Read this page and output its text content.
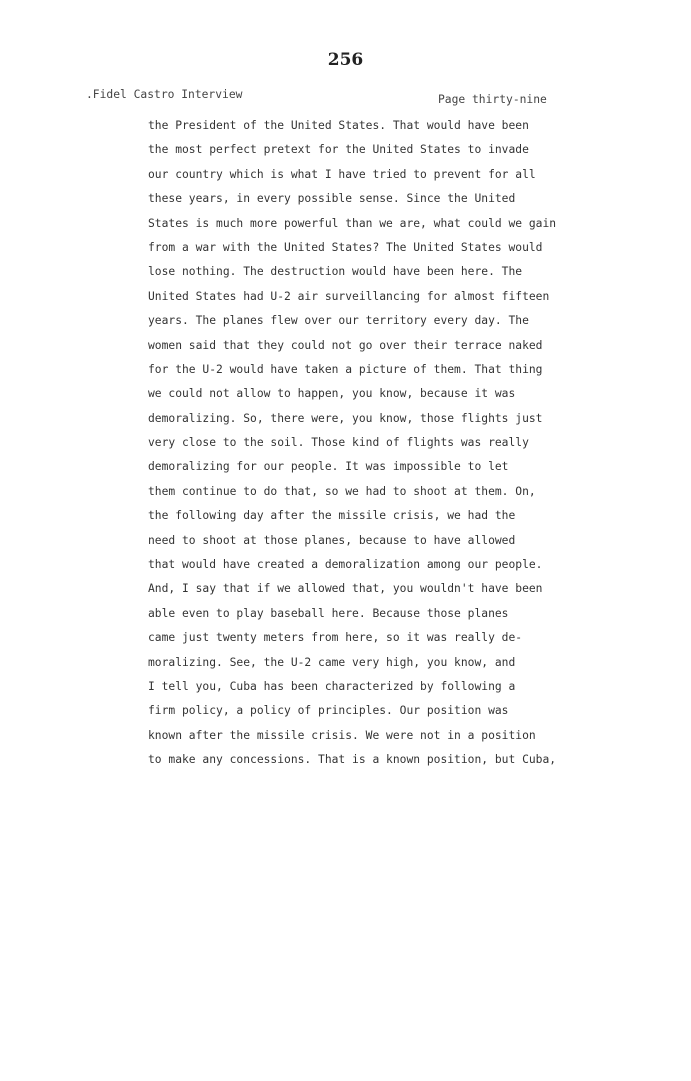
256
.Fidel Castro Interview	Page thirty-nine
the President of the United States. That would have been
the most perfect pretext for the United States to invade
our country which is what I have tried to prevent for all
these years, in every possible sense. Since the United
States is much more powerful than we are, what could we gain
from a war with the United States? The United States would
lose nothing. The destruction would have been here. The
United States had U-2 air surveillancing for almost fifteen
years. The planes flew over our territory every day. The
women said that they could not go over their terrace naked
for the U-2 would have taken a picture of them. That thing
we could not allow to happen, you know, because it was
demoralizing. So, there were, you know, those flights just
very close to the soil. Those kind of flights was really
demoralizing for our people. It was impossible to let
them continue to do that, so we had to shoot at them. On,
the following day after the missile crisis, we had the
need to shoot at those planes, because to have allowed
that would have created a demoralization among our people.
And, I say that if we allowed that, you wouldn't have been
able even to play baseball here. Because those planes
came just twenty meters from here, so it was really de-
moralizing. See, the U-2 came very high, you know, and
I tell you, Cuba has been characterized by following a
firm policy, a policy of principles. Our position was
known after the missile crisis. We were not in a position
to make any concessions. That is a known position, but Cuba,
